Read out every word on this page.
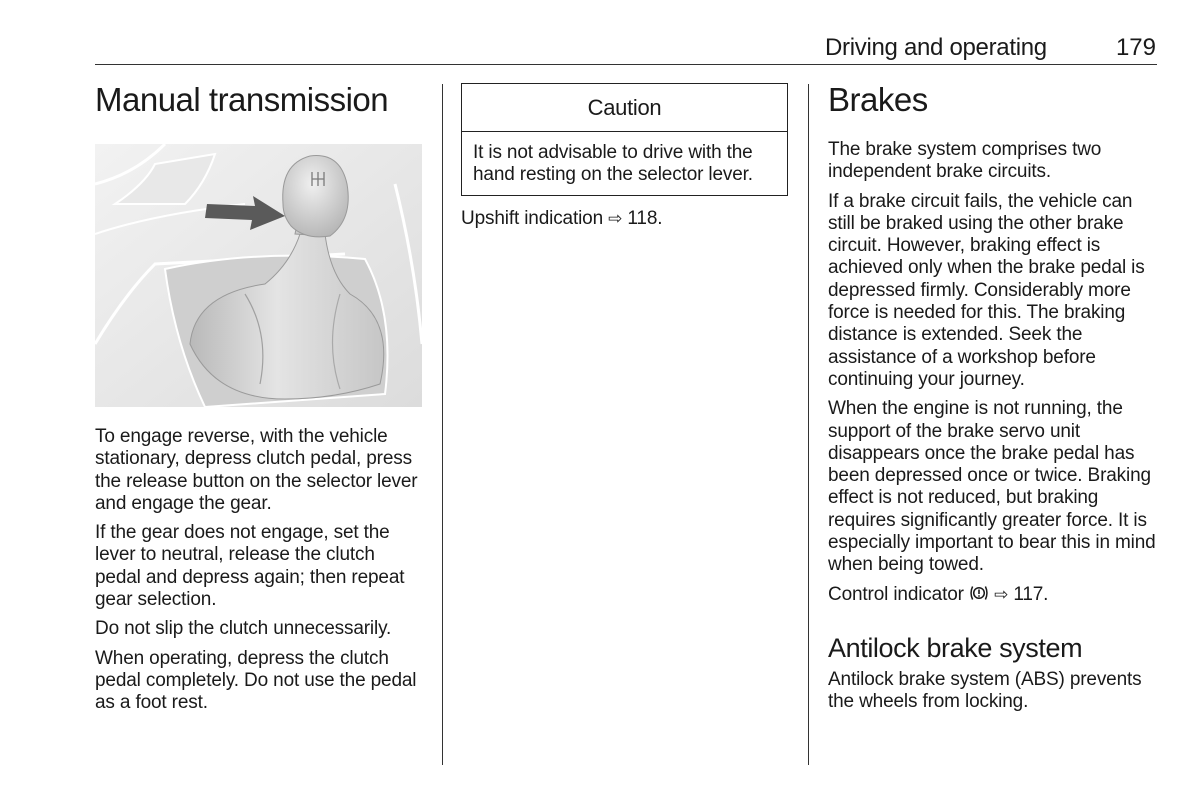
Driving and operating	179
Manual transmission

To engage reverse, with the vehicle stationary, depress clutch pedal, press the release button on the selector lever and engage the gear.

If the gear does not engage, set the lever to neutral, release the clutch pedal and depress again; then repeat gear selection.

Do not slip the clutch unnecessarily.

When operating, depress the clutch pedal completely. Do not use the pedal as a foot rest.

Caution

It is not advisable to drive with the hand resting on the selector lever.

Upshift indication ⇨ 118.

Brakes

The brake system comprises two independent brake circuits.

If a brake circuit fails, the vehicle can still be braked using the other brake circuit. However, braking effect is achieved only when the brake pedal is depressed firmly. Considerably more force is needed for this. The braking distance is extended. Seek the assistance of a workshop before continuing your journey.

When the engine is not running, the support of the brake servo unit disappears once the brake pedal has been depressed once or twice. Braking effect is not reduced, but braking requires significantly greater force. It is especially important to bear this in mind when being towed.

Control indicator ⇨ 117.

Antilock brake system

Antilock brake system (ABS) prevents the wheels from locking.
